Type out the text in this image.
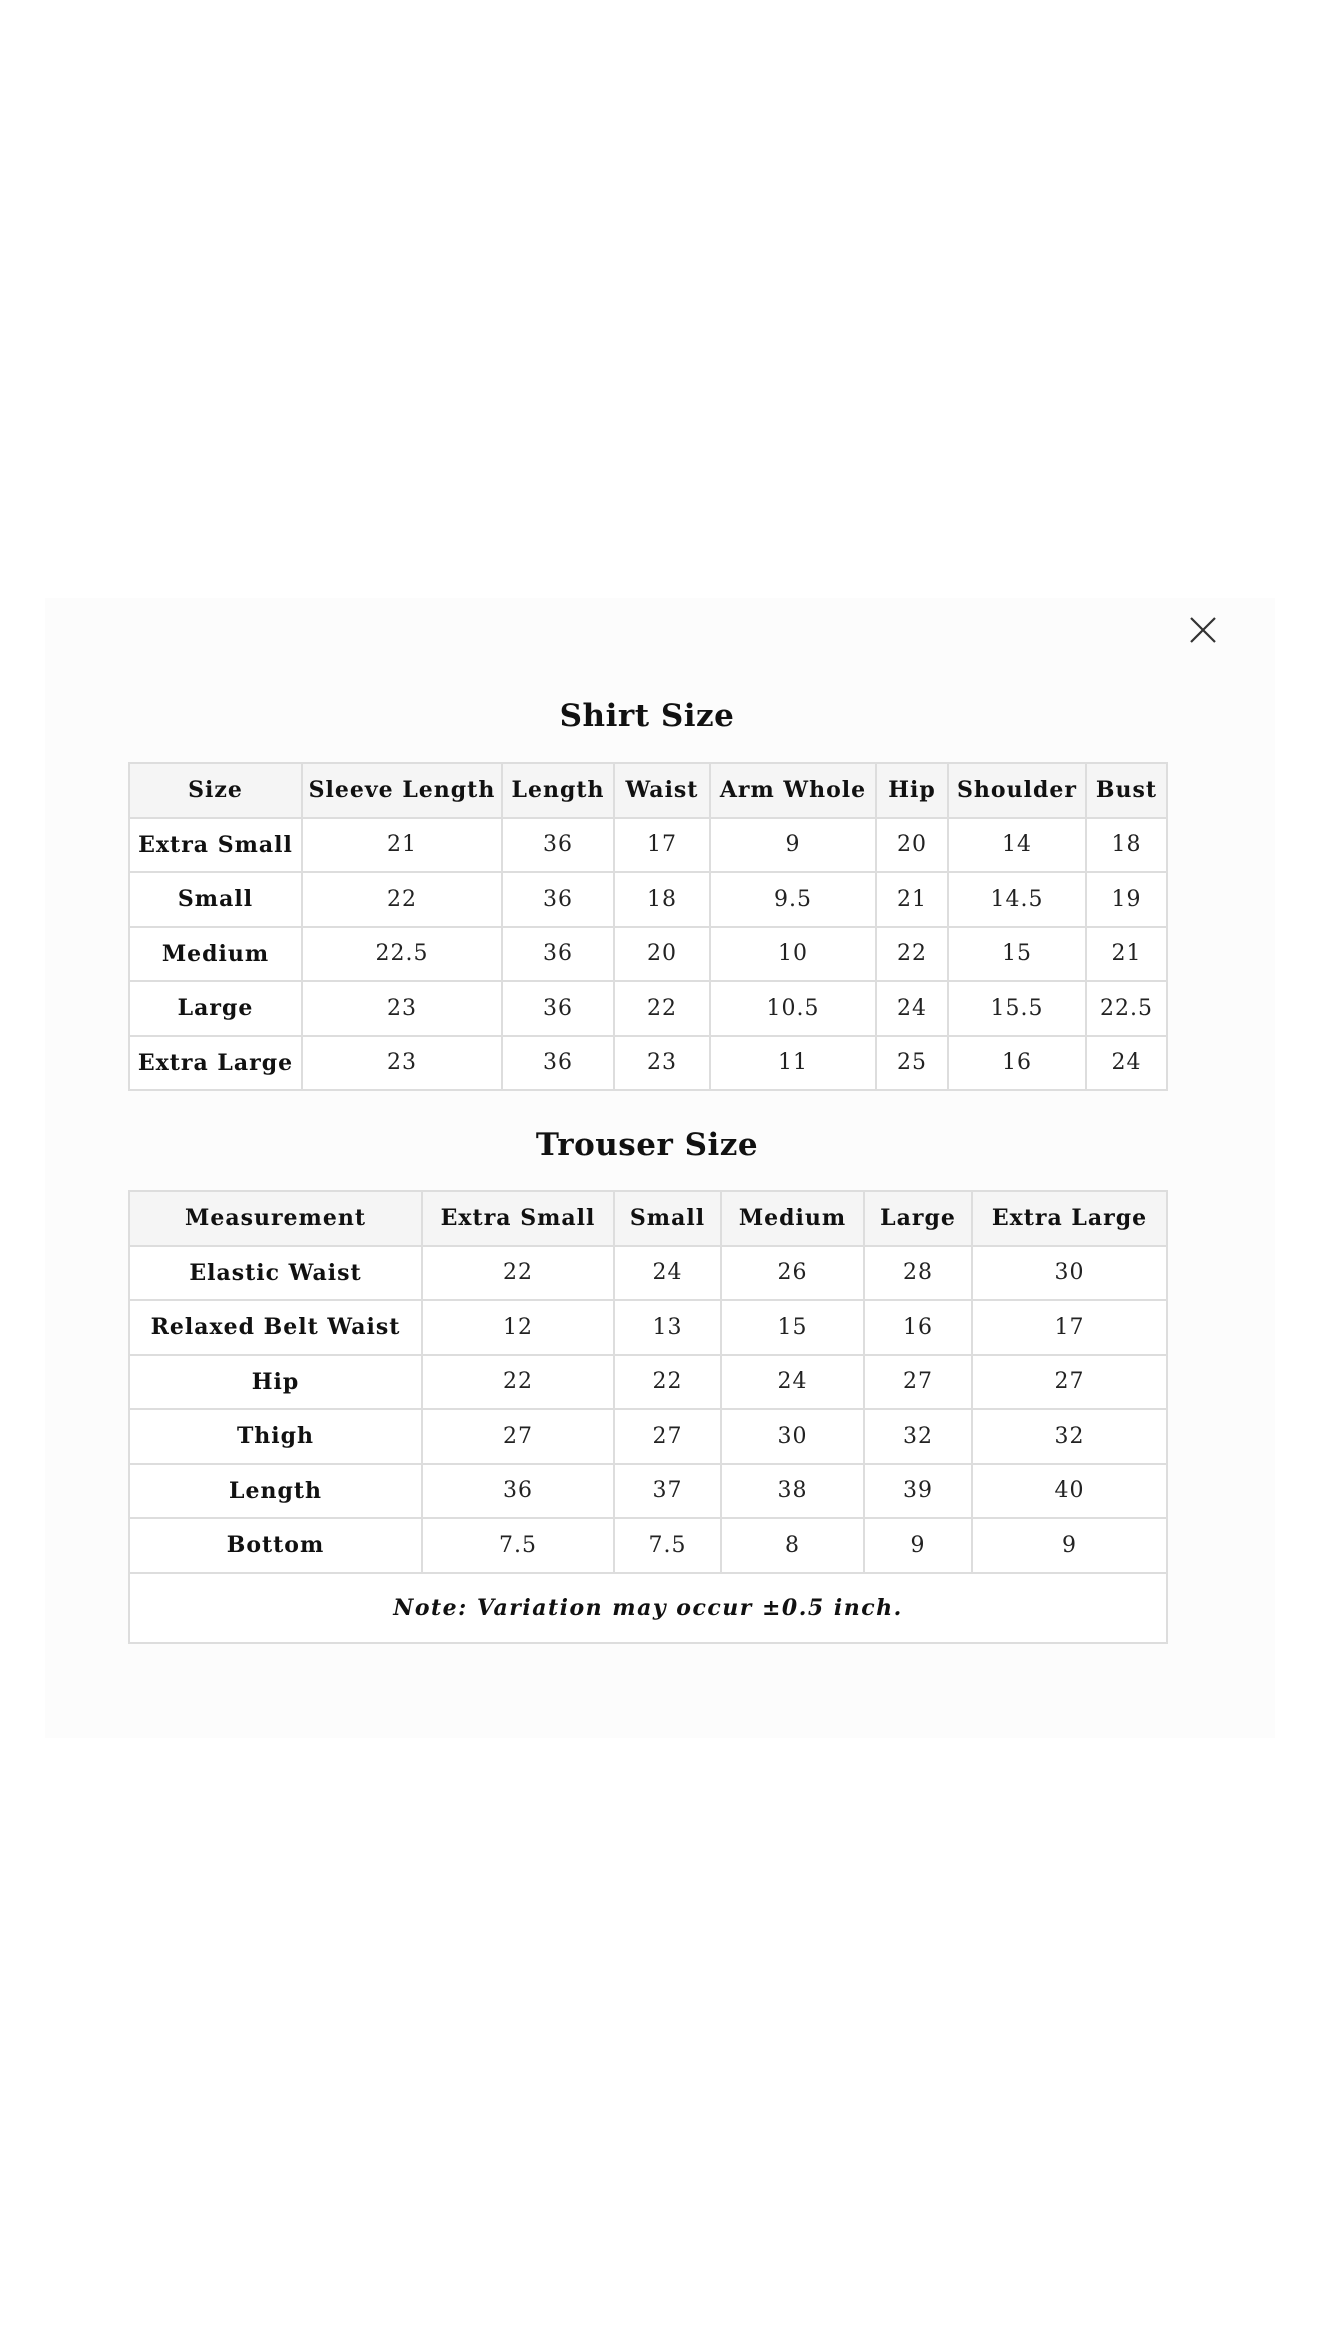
Shirt Size
Size	Sleeve Length	Length	Waist	Arm Whole	Hip	Shoulder	Bust
Extra Small	21	36	17	9	20	14	18
Small	22	36	18	9.5	21	14.5	19
Medium	22.5	36	20	10	22	15	21
Large	23	36	22	10.5	24	15.5	22.5
Extra Large	23	36	23	11	25	16	24
Trouser Size
Measurement	Extra Small	Small	Medium	Large	Extra Large
Elastic Waist	22	24	26	28	30
Relaxed Belt Waist	12	13	15	16	17
Hip	22	22	24	27	27
Thigh	27	27	30	32	32
Length	36	37	38	39	40
Bottom	7.5	7.5	8	9	9
Note: Variation may occur ±0.5 inch.					
